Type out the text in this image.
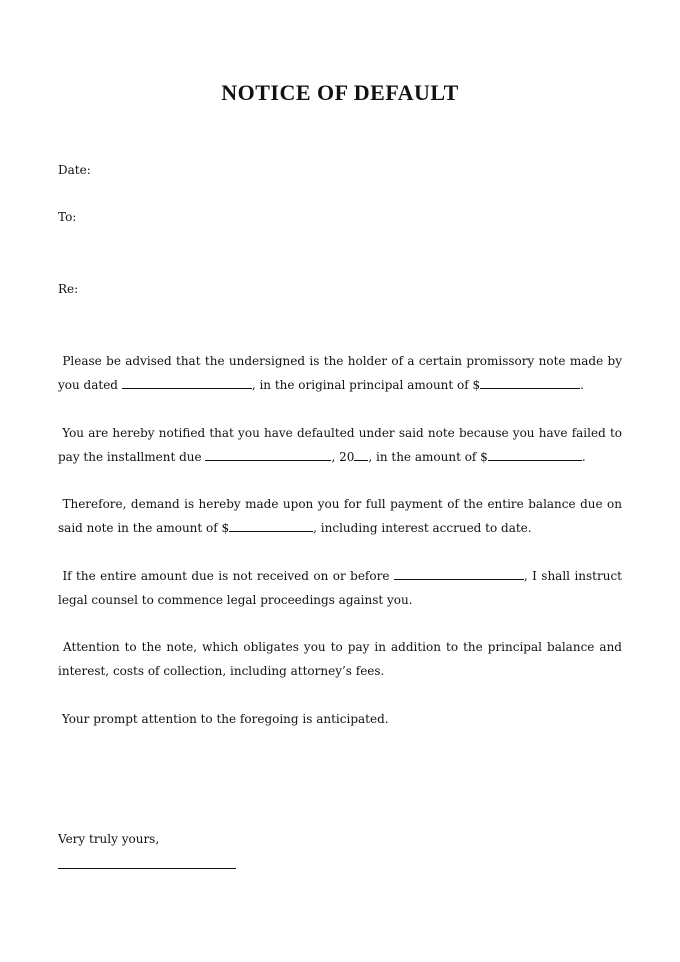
NOTICE OF DEFAULT

Date:

To:

Re:

Please be advised that the undersigned is the holder of a certain promissory note made by you dated	, in the original principal amount of $	.

You are hereby notified that you have defaulted under said note because you have failed to pay the installment due	, 20 , in the amount of $	.

Therefore, demand is hereby made upon you for full payment of the entire balance due on said note in the amount of $	, including interest accrued to date.

If the entire amount due is not received on or before	, I shall instruct legal counsel to commence legal proceedings against you.

Attention to the note, which obligates you to pay in addition to the principal balance and interest, costs of collection, including attorney’s fees.

Your prompt attention to the foregoing is anticipated.

Very truly yours,
